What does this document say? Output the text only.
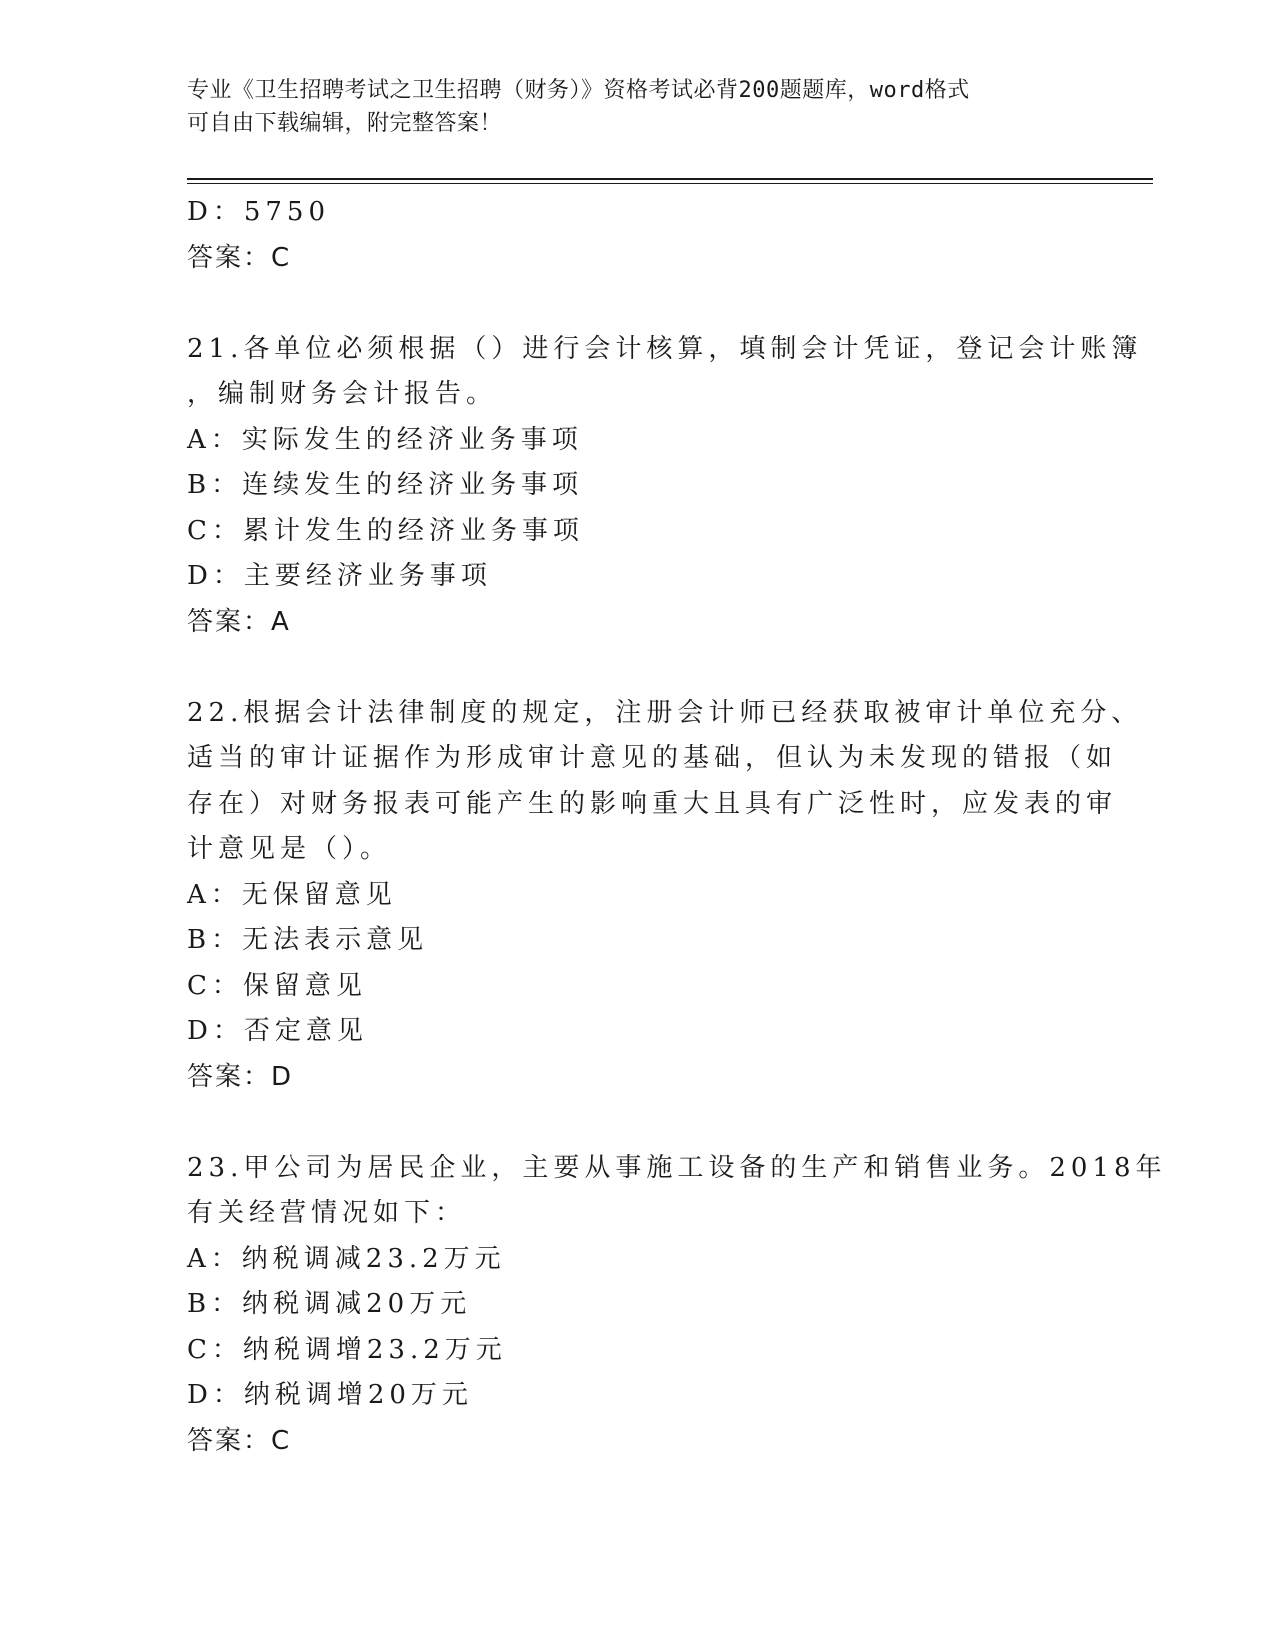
专业《卫生招聘考试之卫生招聘（财务）》资格考试必背200题题库，word格式
可自由下载编辑，附完整答案！
D：5750
答案：C
21.各单位必须根据（）进行会计核算，填制会计凭证，登记会计账簿
，编制财务会计报告。
A：实际发生的经济业务事项
B：连续发生的经济业务事项
C：累计发生的经济业务事项
D：主要经济业务事项
答案：A
22.根据会计法律制度的规定，注册会计师已经获取被审计单位充分、
适当的审计证据作为形成审计意见的基础，但认为未发现的错报（如
存在）对财务报表可能产生的影响重大且具有广泛性时，应发表的审
计意见是（）。
A：无保留意见
B：无法表示意见
C：保留意见
D：否定意见
答案：D
23.甲公司为居民企业，主要从事施工设备的生产和销售业务。2018年
有关经营情况如下：
A：纳税调减23.2万元
B：纳税调减20万元
C：纳税调增23.2万元
D：纳税调增20万元
答案：C
